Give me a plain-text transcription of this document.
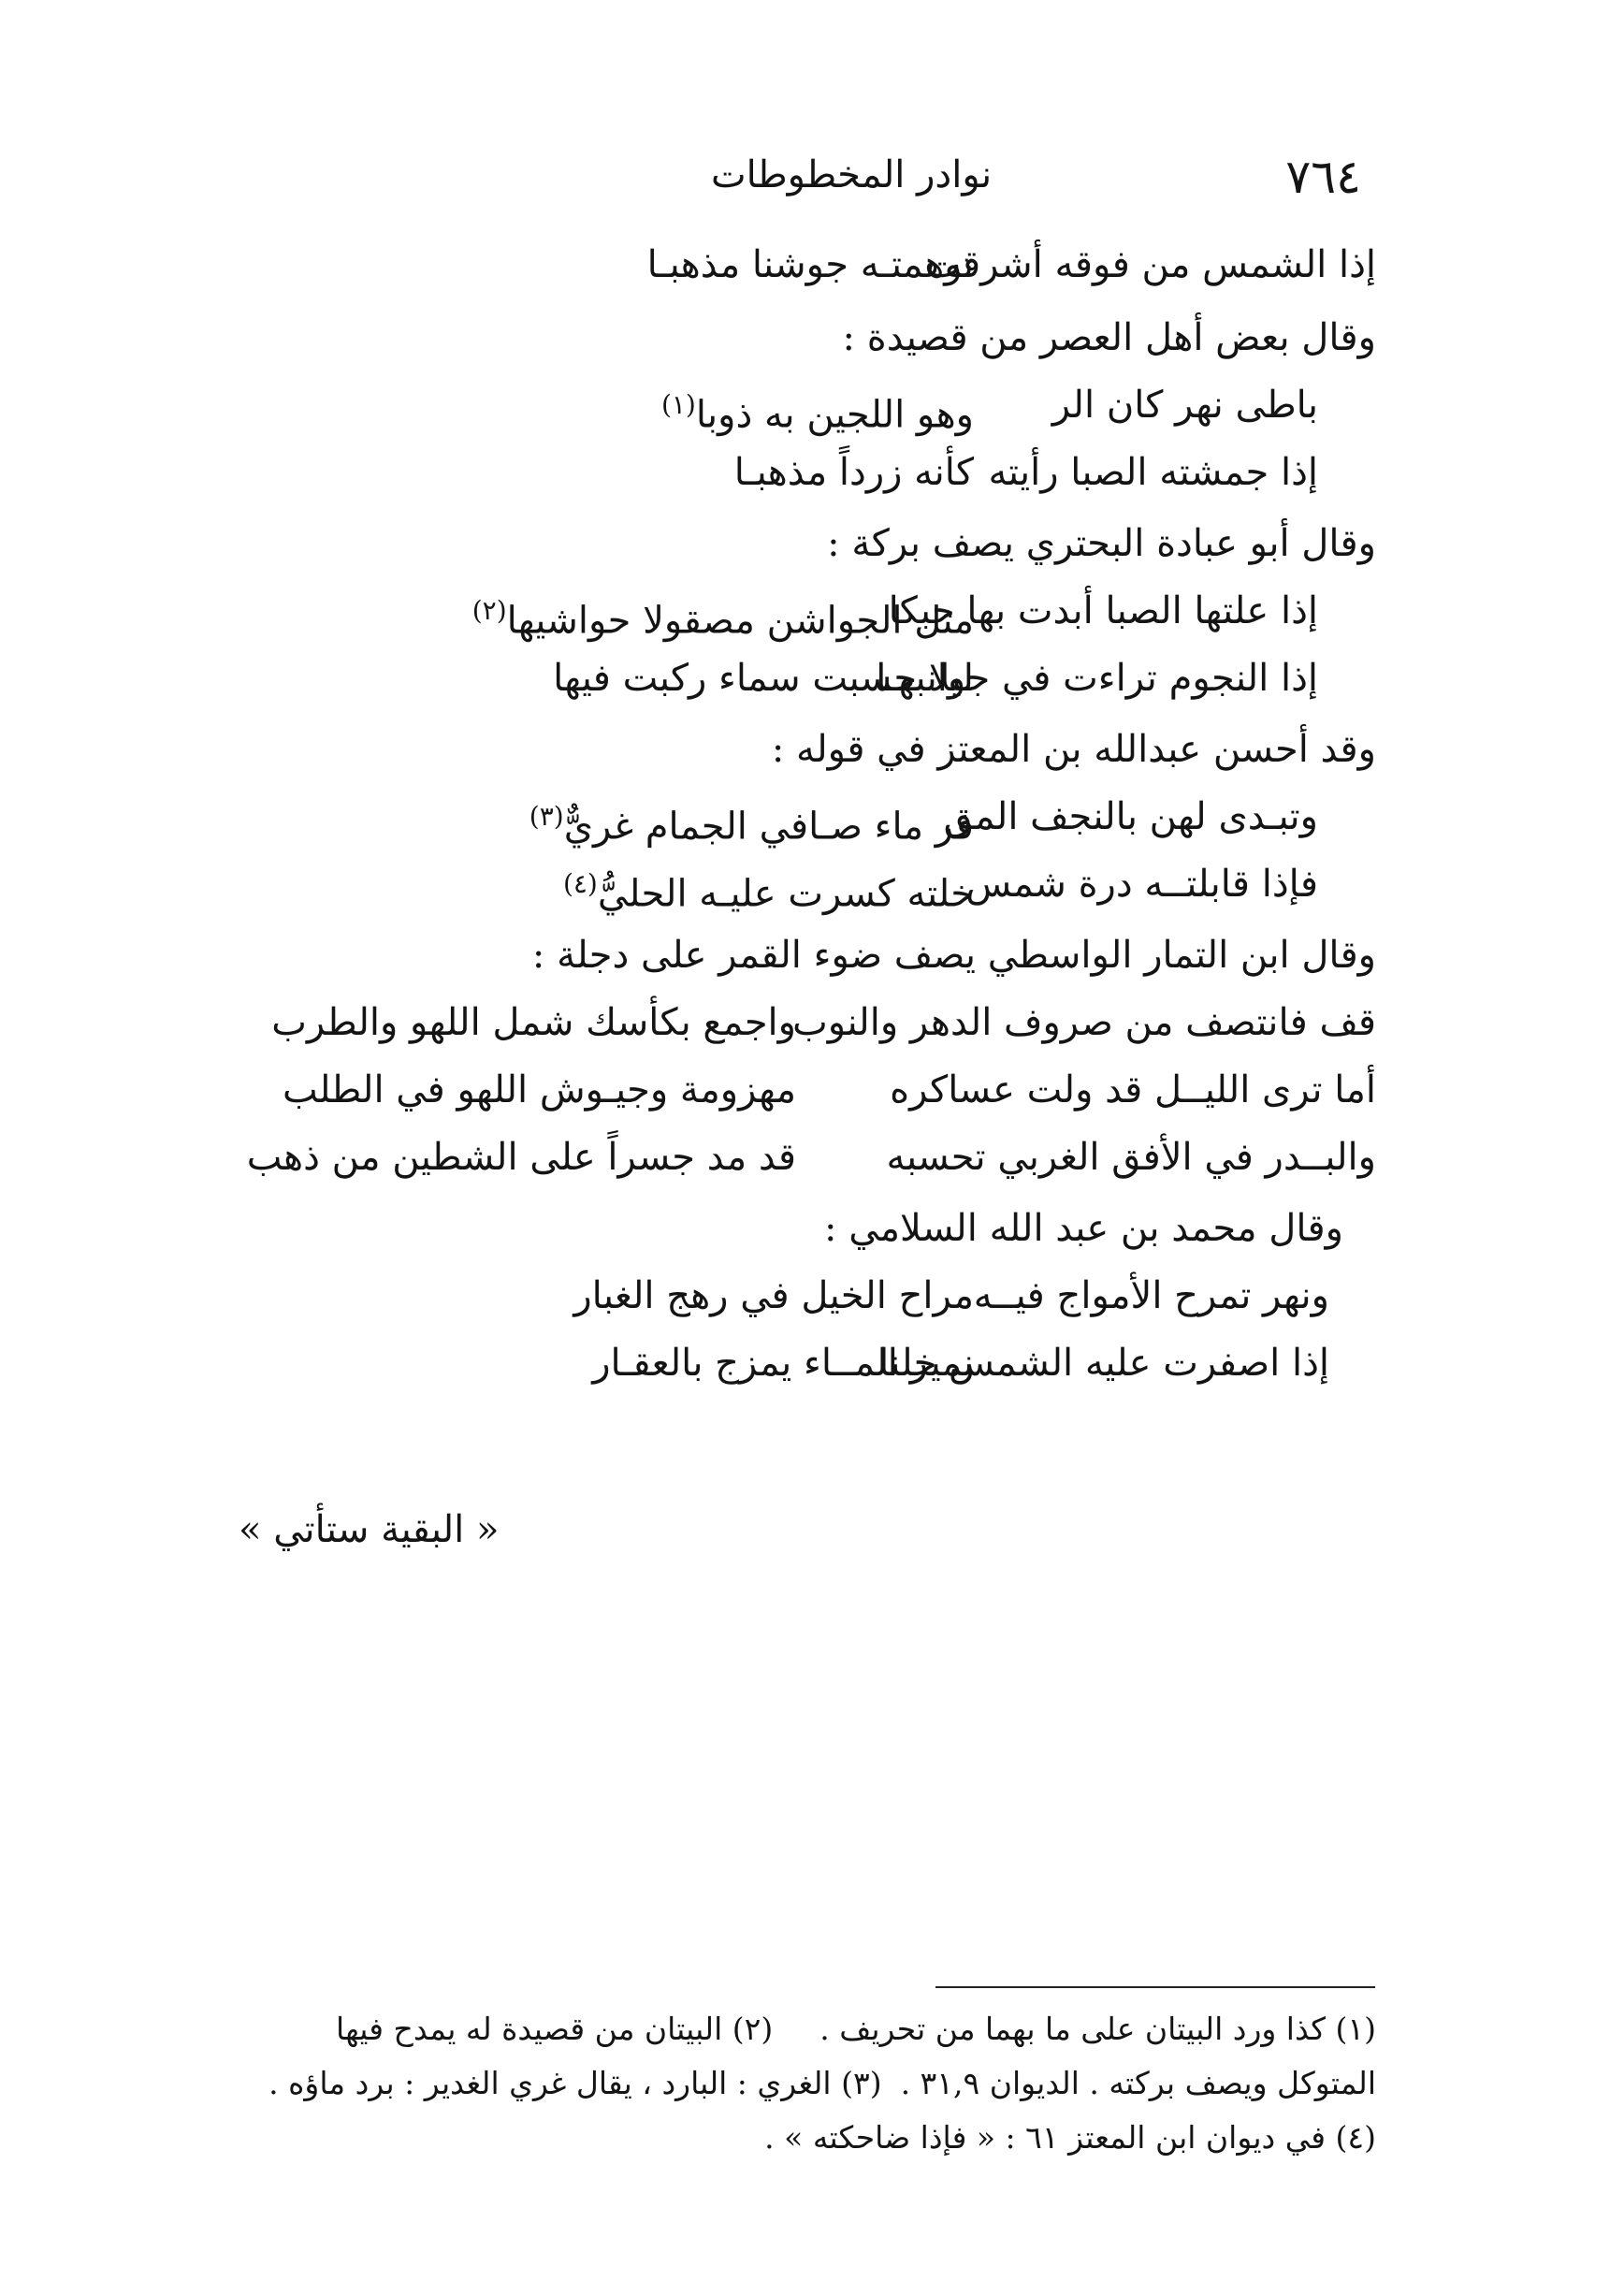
٧٦٤
نوادر المخطوطات
إذا الشمس من فوقه أشرقت
توهمتـه جوشنا مذهبـا
وقال بعض أهل العصر من قصيدة :
باطى نهر كان الر
وهو اللجين به ذوبا$^{(١)}$
إذا جمشته الصبا رأيته
كأنه زرداً مذهبـا
وقال أبو عبادة البحتري يصف بركة :
إذا علتها الصبا أبدت بها حبكا
مثل الجواشن مصقولا حواشيها$^{(٢)}$
إذا النجوم تراءت في جوانبهـا
ليلا حسبت سماء ركبت فيها
وقد أحسن عبدالله بن المعتز في قوله :
وتبـدى لهن بالنجف المق
فر ماء صـافي الجمام غريٌّ$^{(٣)}$
فإذا قابلتــه درة شمس
خلته كسرت عليـه الحليُّ$^{(٤)}$
وقال ابن التمار الواسطي يصف ضوء القمر على دجلة :
قف فانتصف من صروف الدهر والنوب
واجمع بكأسك شمل اللهو والطرب
أما ترى الليــل قد ولت عساكره
مهزومة وجيـوش اللهو في الطلب
والبــدر في الأفق الغربي تحسبه
قد مد جسراً على الشطين من ذهب
وقال محمد بن عبد الله السلامي :
ونهر تمرح الأمواج فيــه
مراح الخيل في رهج الغبار
إذا اصفرت عليه الشمس خلنا
نمير المــاء يمزج بالعقـار
« البقية ستأتي »
(١) كذا ورد البيتان على ما بهما من تحريف .(٢) البيتان من قصيدة له يمدح فيها
المتوكل ويصف بركته . الديوان ٣١,٩ .(٣) الغري : البارد ، يقال غري الغدير : برد ماؤه .
(٤) في ديوان ابن المعتز ٦١ : « فإذا ضاحكته » .
